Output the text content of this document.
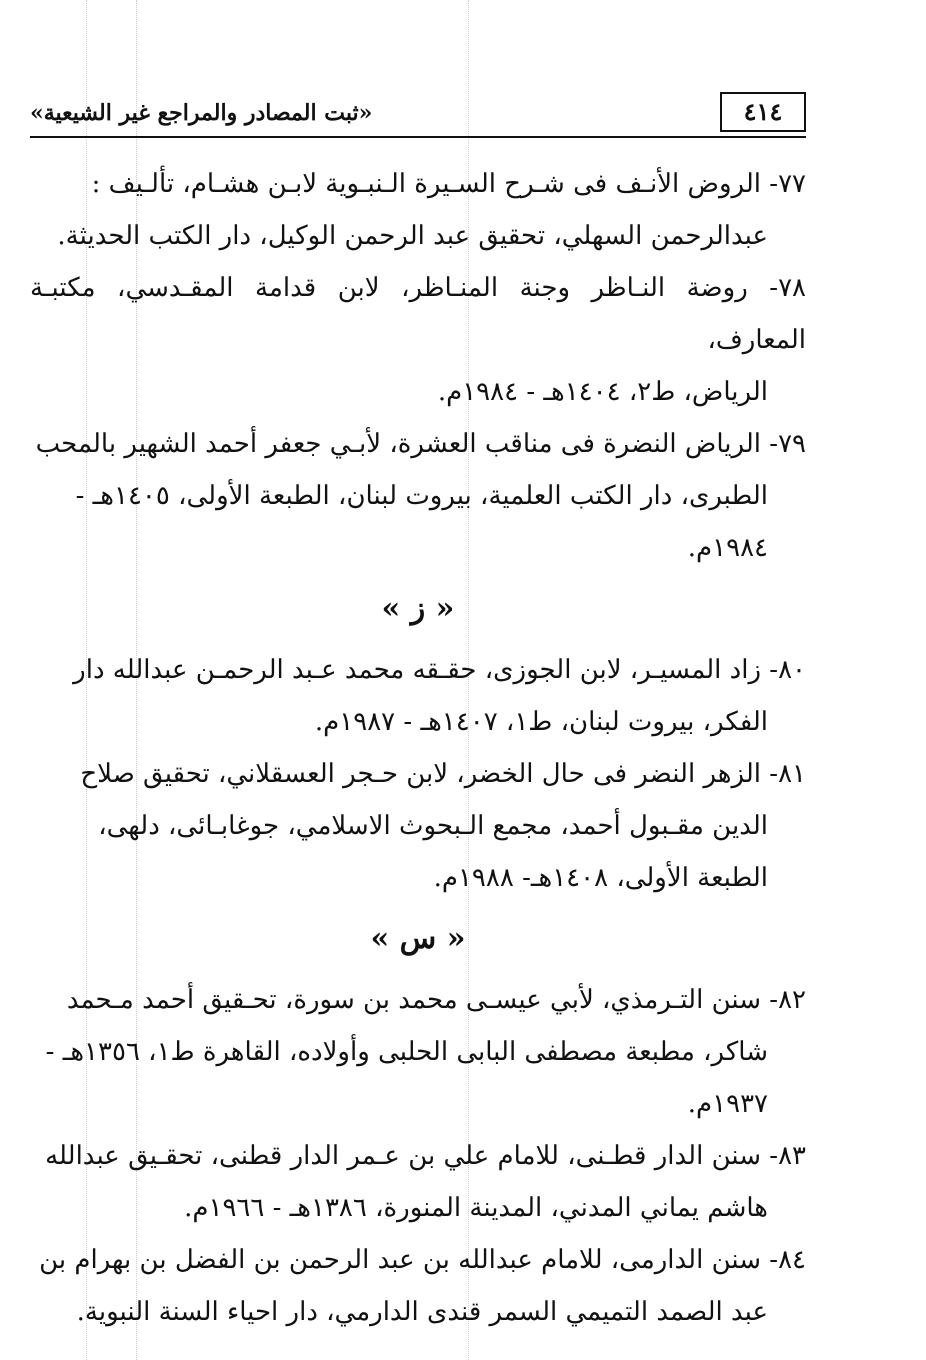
«ثبت المصادر والمراجع غير الشيعية»	٤١٤
٧٧- الروض الأنـف فى شـرح السـيرة الـنبـوية لابـن هشـام، تألـيف :
عبدالرحمن السهلي، تحقيق عبد الرحمن الوكيل، دار الكتب الحديثة.
٧٨- روضة النـاظر وجنة المنـاظر، لابن قدامة المقـدسي، مكتبـة المعارف،
الرياض، ط٢، ١٤٠٤هـ - ١٩٨٤م.
٧٩- الرياض النضرة فى مناقب العشرة، لأبـي جعفر أحمد الشهير بالمحب
الطبرى، دار الكتب العلمية، بيروت لبنان، الطبعة الأولى، ١٤٠٥هـ -
١٩٨٤م.
« ز »
٨٠- زاد المسيـر، لابن الجوزى، حقـقه محمد عـبد الرحمـن عبدالله دار
الفكر، بيروت لبنان، ط١، ١٤٠٧هـ - ١٩٨٧م.
٨١- الزهر النضر فى حال الخضر، لابن حـجر العسقلاني، تحقيق صلاح
الدين مقـبول أحمد، مجمع الـبحوث الاسلامي، جوغابـائى، دلهى،
الطبعة الأولى، ١٤٠٨هـ- ١٩٨٨م.
« س »
٨٢- سنن التـرمذي، لأبي عيسـى محمد بن سورة، تحـقيق أحمد مـحمد
شاكر، مطبعة مصطفى البابى الحلبى وأولاده، القاهرة ط١، ١٣٥٦هـ -
١٩٣٧م.
٨٣- سنن الدار قطـنى، للامام علي بن عـمر الدار قطنى، تحقـيق عبدالله
هاشم يماني المدني، المدينة المنورة، ١٣٨٦هـ - ١٩٦٦م.
٨٤- سنن الدارمى، للامام عبدالله بن عبد الرحمن بن الفضل بن بهرام بن
عبد الصمد التميمي السمر قندى الدارمي، دار احياء السنة النبوية.
